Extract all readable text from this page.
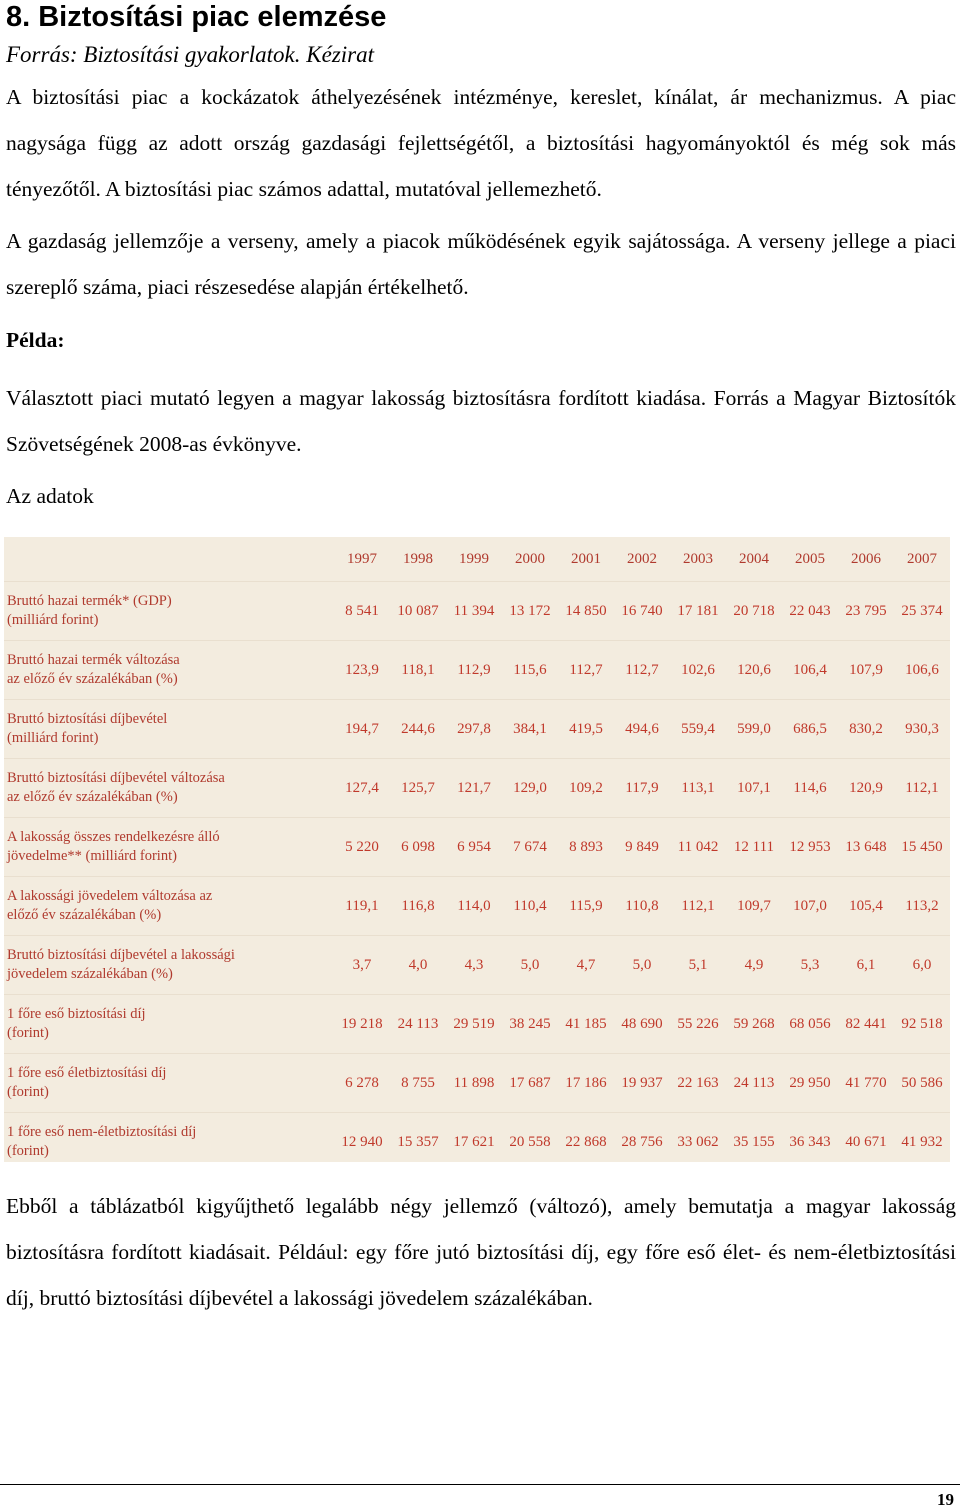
8. Biztosítási piac elemzése
Forrás: Biztosítási gyakorlatok. Kézirat
A biztosítási piac a kockázatok áthelyezésének intézménye, kereslet, kínálat, ár mechanizmus. A piac nagysága függ az adott ország gazdasági fejlettségétől, a biztosítási hagyományoktól és még sok más tényezőtől. A biztosítási piac számos adattal, mutatóval jellemezhető.
A gazdaság jellemzője a verseny, amely a piacok működésének egyik sajátossága. A verseny jellege a piaci szereplő száma, piaci részesedése alapján értékelhető.
Példa:
Választott piaci mutató legyen a magyar lakosság biztosításra fordított kiadása. Forrás a Magyar Biztosítók Szövetségének 2008-as évkönyve.
Az adatok
	1997	1998	1999	2000	2001	2002	2003	2004	2005	2006	2007

Bruttó hazai termék* (GDP)
(milliárd forint)	8 541	10 087	11 394	13 172	14 850	16 740	17 181	20 718	22 043	23 795	25 374

Bruttó hazai termék változása
az előző év százalékában (%)	123,9	118,1	112,9	115,6	112,7	112,7	102,6	120,6	106,4	107,9	106,6

Bruttó biztosítási díjbevétel
(milliárd forint)	194,7	244,6	297,8	384,1	419,5	494,6	559,4	599,0	686,5	830,2	930,3

Bruttó biztosítási díjbevétel változása
az előző év százalékában (%)	127,4	125,7	121,7	129,0	109,2	117,9	113,1	107,1	114,6	120,9	112,1

A lakosság összes rendelkezésre álló
jövedelme** (milliárd forint)	5 220	6 098	6 954	7 674	8 893	9 849	11 042	12 111	12 953	13 648	15 450

A lakossági jövedelem változása az
előző év százalékában (%)	119,1	116,8	114,0	110,4	115,9	110,8	112,1	109,7	107,0	105,4	113,2

Bruttó biztosítási díjbevétel a lakossági
jövedelem százalékában (%)	3,7	4,0	4,3	5,0	4,7	5,0	5,1	4,9	5,3	6,1	6,0

1 főre eső biztosítási díj
(forint)	19 218	24 113	29 519	38 245	41 185	48 690	55 226	59 268	68 056	82 441	92 518

1 főre eső életbiztosítási díj
(forint)	6 278	8 755	11 898	17 687	17 186	19 937	22 163	24 113	29 950	41 770	50 586

1 főre eső nem-életbiztosítási díj
(forint)	12 940	15 357	17 621	20 558	22 868	28 756	33 062	35 155	36 343	40 671	41 932
Ebből a táblázatból kigyűjthető legalább négy jellemző (változó), amely bemutatja a magyar lakosság biztosításra fordított kiadásait. Például: egy főre jutó biztosítási díj, egy főre eső élet- és nem-életbiztosítási díj, bruttó biztosítási díjbevétel a lakossági jövedelem százalékában.
19
